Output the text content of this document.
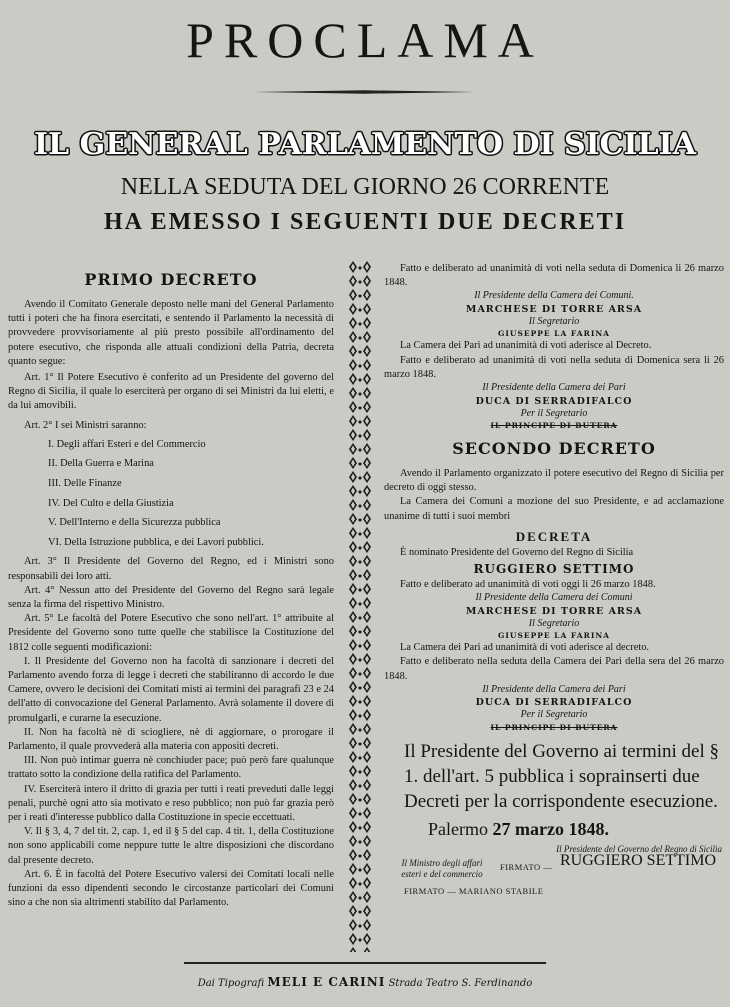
PROCLAMA
IL GENERAL PARLAMENTO DI SICILIA
NELLA SEDUTA DEL GIORNO 26 CORRENTE
HA EMESSO I SEGUENTI DUE DECRETI

PRIMO DECRETO

Avendo il Comitato Generale deposto nelle mani del General Parlamento tutti i poteri che ha finora esercitati, e sentendo il Parlamento la necessità di provvedere provvisoriamente al più presto possibile all'ordinamento del potere esecutivo, che risponda alle attuali condizioni della Patria, decreta quanto segue:

Art. 1° Il Potere Esecutivo è conferito ad un Presidente del governo del Regno di Sicilia, il quale lo eserciterà per organo di sei Ministri da lui eletti, e da lui amovibili.

Art. 2° I sei Ministri saranno:

I. Degli affari Esteri e del Commercio

II. Della Guerra e Marina

III. Delle Finanze

IV. Del Culto e della Giustizia

V. Dell'Interno e della Sicurezza pubblica

VI. Della Istruzione pubblica, e dei Lavori pubblici.

Art. 3° Il Presidente del Governo del Regno, ed i Ministri sono responsabili dei loro atti.

Art. 4° Nessun atto del Presidente del Governo del Regno sarà legale senza la firma del rispettivo Ministro.

Art. 5° Le facoltà del Potere Esecutivo che sono nell'art. 1° attribuite al Presidente del Governo sono tutte quelle che stabilisce la Costituzione del 1812 colle seguenti modificazioni:

I. Il Presidente del Governo non ha facoltà di sanzionare i decreti del Parlamento avendo forza di legge i decreti che stabiliranno di accordo le due Camere, ovvero le decisioni dei Comitati misti ai termini dei paragrafi 23 e 24 dell'atto di convocazione del General Parlamento. Avrà solamente il dovere di promulgarli, e curarne la esecuzione.

II. Non ha facoltà nè di sciogliere, nè di aggiornare, o prorogare il Parlamento, il quale provvederà alla materia con appositi decreti.

III. Non può intimar guerra nè conchiuder pace; può però fare qualunque trattato sotto la condizione della ratifica del Parlamento.

IV. Eserciterà intero il dritto di grazia per tutti i reati preveduti dalle leggi penali, purchè ogni atto sia motivato e reso pubblico; non può far grazia però per i reati d'interesse pubblico dalla Costituzione in specie eccettuati.

V. Il § 3, 4, 7 del tit. 2, cap. 1, ed il § 5 del cap. 4 tit. 1, della Costituzione non sono applicabili come neppure tutte le altre disposizioni che discordano dal presente decreto.

Art. 6. È in facoltà del Potere Esecutivo valersi dei Comitati locali nelle funzioni da esso dipendenti secondo le circostanze particolari dei Comuni sino a che non sia altrimenti stabilito dal Parlamento.

Fatto e deliberato ad unanimità di voti nella seduta di Domenica li 26 marzo 1848.

Il Presidente della Camera dei Comuni.

MARCHESE DI TORRE ARSA

Il Segretario

GIUSEPPE LA FARINA

La Camera dei Pari ad unanimità di voti aderisce al Decreto.

Fatto e deliberato ad unanimità di voti nella seduta di Domenica sera li 26 marzo 1848.

Il Presidente della Camera dei Pari

DUCA DI SERRADIFALCO

Per il Segretario

IL PRINCIPE DI BUTERA

SECONDO DECRETO

Avendo il Parlamento organizzato il potere esecutivo del Regno di Sicilia per decreto di oggi stesso.

La Camera dei Comuni a mozione del suo Presidente, e ad acclamazione unanime di tutti i suoi membri

DECRETA

È nominato Presidente del Governo del Regno di Sicilia

RUGGIERO SETTIMO

Fatto e deliberato ad unanimità di voti oggi li 26 marzo 1848.

Il Presidente della Camera dei Comuni

MARCHESE DI TORRE ARSA

Il Segretario

GIUSEPPE LA FARINA

La Camera dei Pari ad unanimità di voti aderisce al decreto.

Fatto e deliberato nella seduta della Camera dei Pari della sera del 26 marzo 1848.

Il Presidente della Camera dei Pari

DUCA DI SERRADIFALCO

Per il Segretario

IL PRINCIPE DI BUTERA

Il Presidente del Governo ai termini del § 1. dell'art. 5 pubblica i soprainserti due Decreti per la corrispondente esecuzione.

Palermo 27 marzo 1848.

Il Presidente del Governo del Regno di Sicilia
Il Ministro degli affari esteri e del commercio
FIRMATO — RUGGIERO SETTIMO
FIRMATO — MARIANO STABILE
Dai Tipografi MELI E CARINI Strada Teatro S. Ferdinando
